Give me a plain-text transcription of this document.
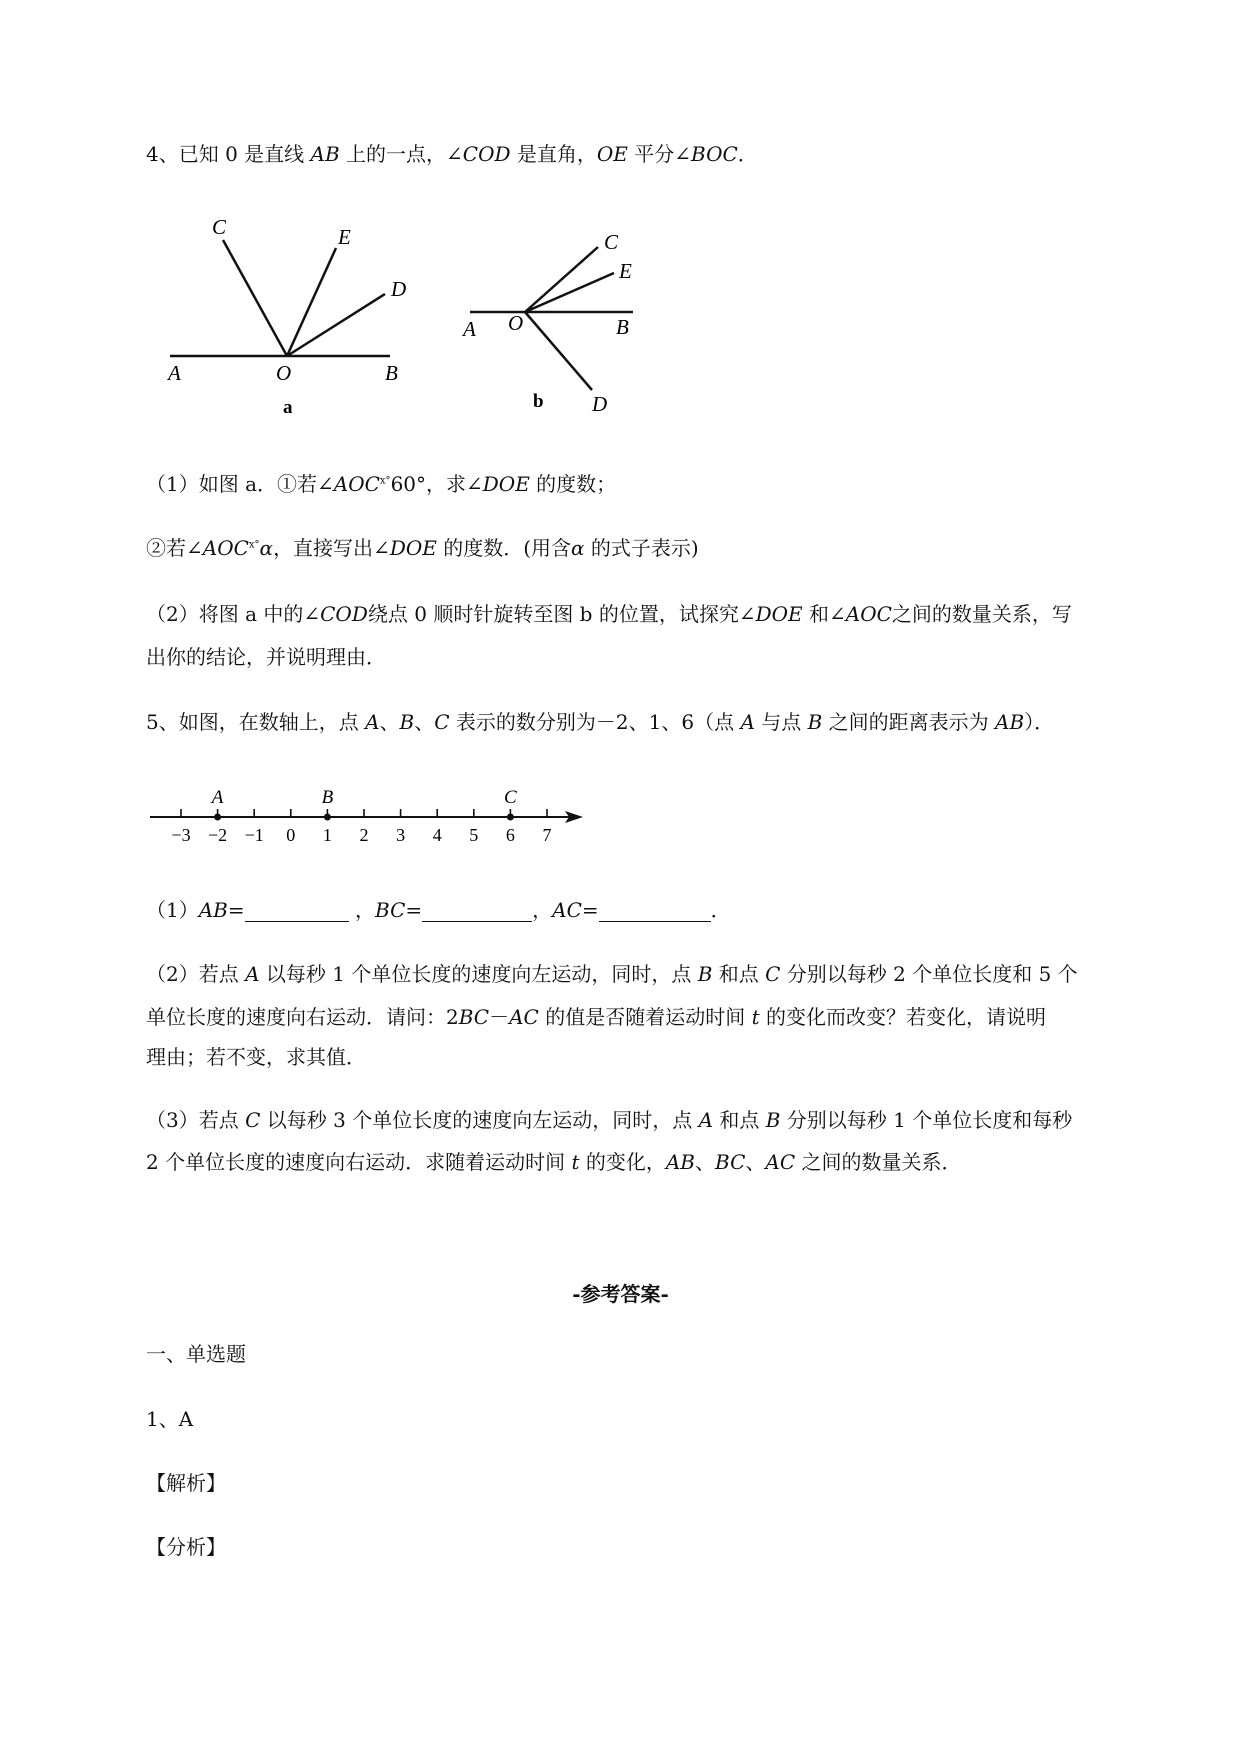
4、已知 0 是直线 AB 上的一点，∠COD 是直角，OE 平分∠BOC．
C	E
D
A	O	B
a
C
E
A O	B
b D
（1）如图 a．①若$\angle AOC^{ⅹ^\circ}60^\circ$，求∠DOE 的度数；
②若$\angle AOC^{ⅹ^\circ}\alpha$，直接写出∠DOE 的度数．(用含α 的式子表示)
（2）将图 a 中的∠COD绕点 0 顺时针旋转至图 b 的位置，试探究∠DOE 和∠AOC之间的数量关系，写
出你的结论，并说明理由．
5、如图，在数轴上，点 A、B、C 表示的数分别为－2、1、6（点 A 与点 B 之间的距离表示为 AB）．
−3 −2 −1 0 1 2 3 4 5 6 7
A	B	C
（1）AB=	，BC=	，AC=	．
（2）若点 A 以每秒 1 个单位长度的速度向左运动，同时，点 B 和点 C 分别以每秒 2 个单位长度和 5 个
单位长度的速度向右运动．请问：2BC－AC 的值是否随着运动时间 t 的变化而改变？若变化，请说明
理由；若不变，求其值．
（3）若点 C 以每秒 3 个单位长度的速度向左运动，同时，点 A 和点 B 分别以每秒 1 个单位长度和每秒
2 个单位长度的速度向右运动．求随着运动时间 t 的变化，AB、BC、AC 之间的数量关系．
-参考答案-
一、单选题
1、A
【解析】
【分析】
